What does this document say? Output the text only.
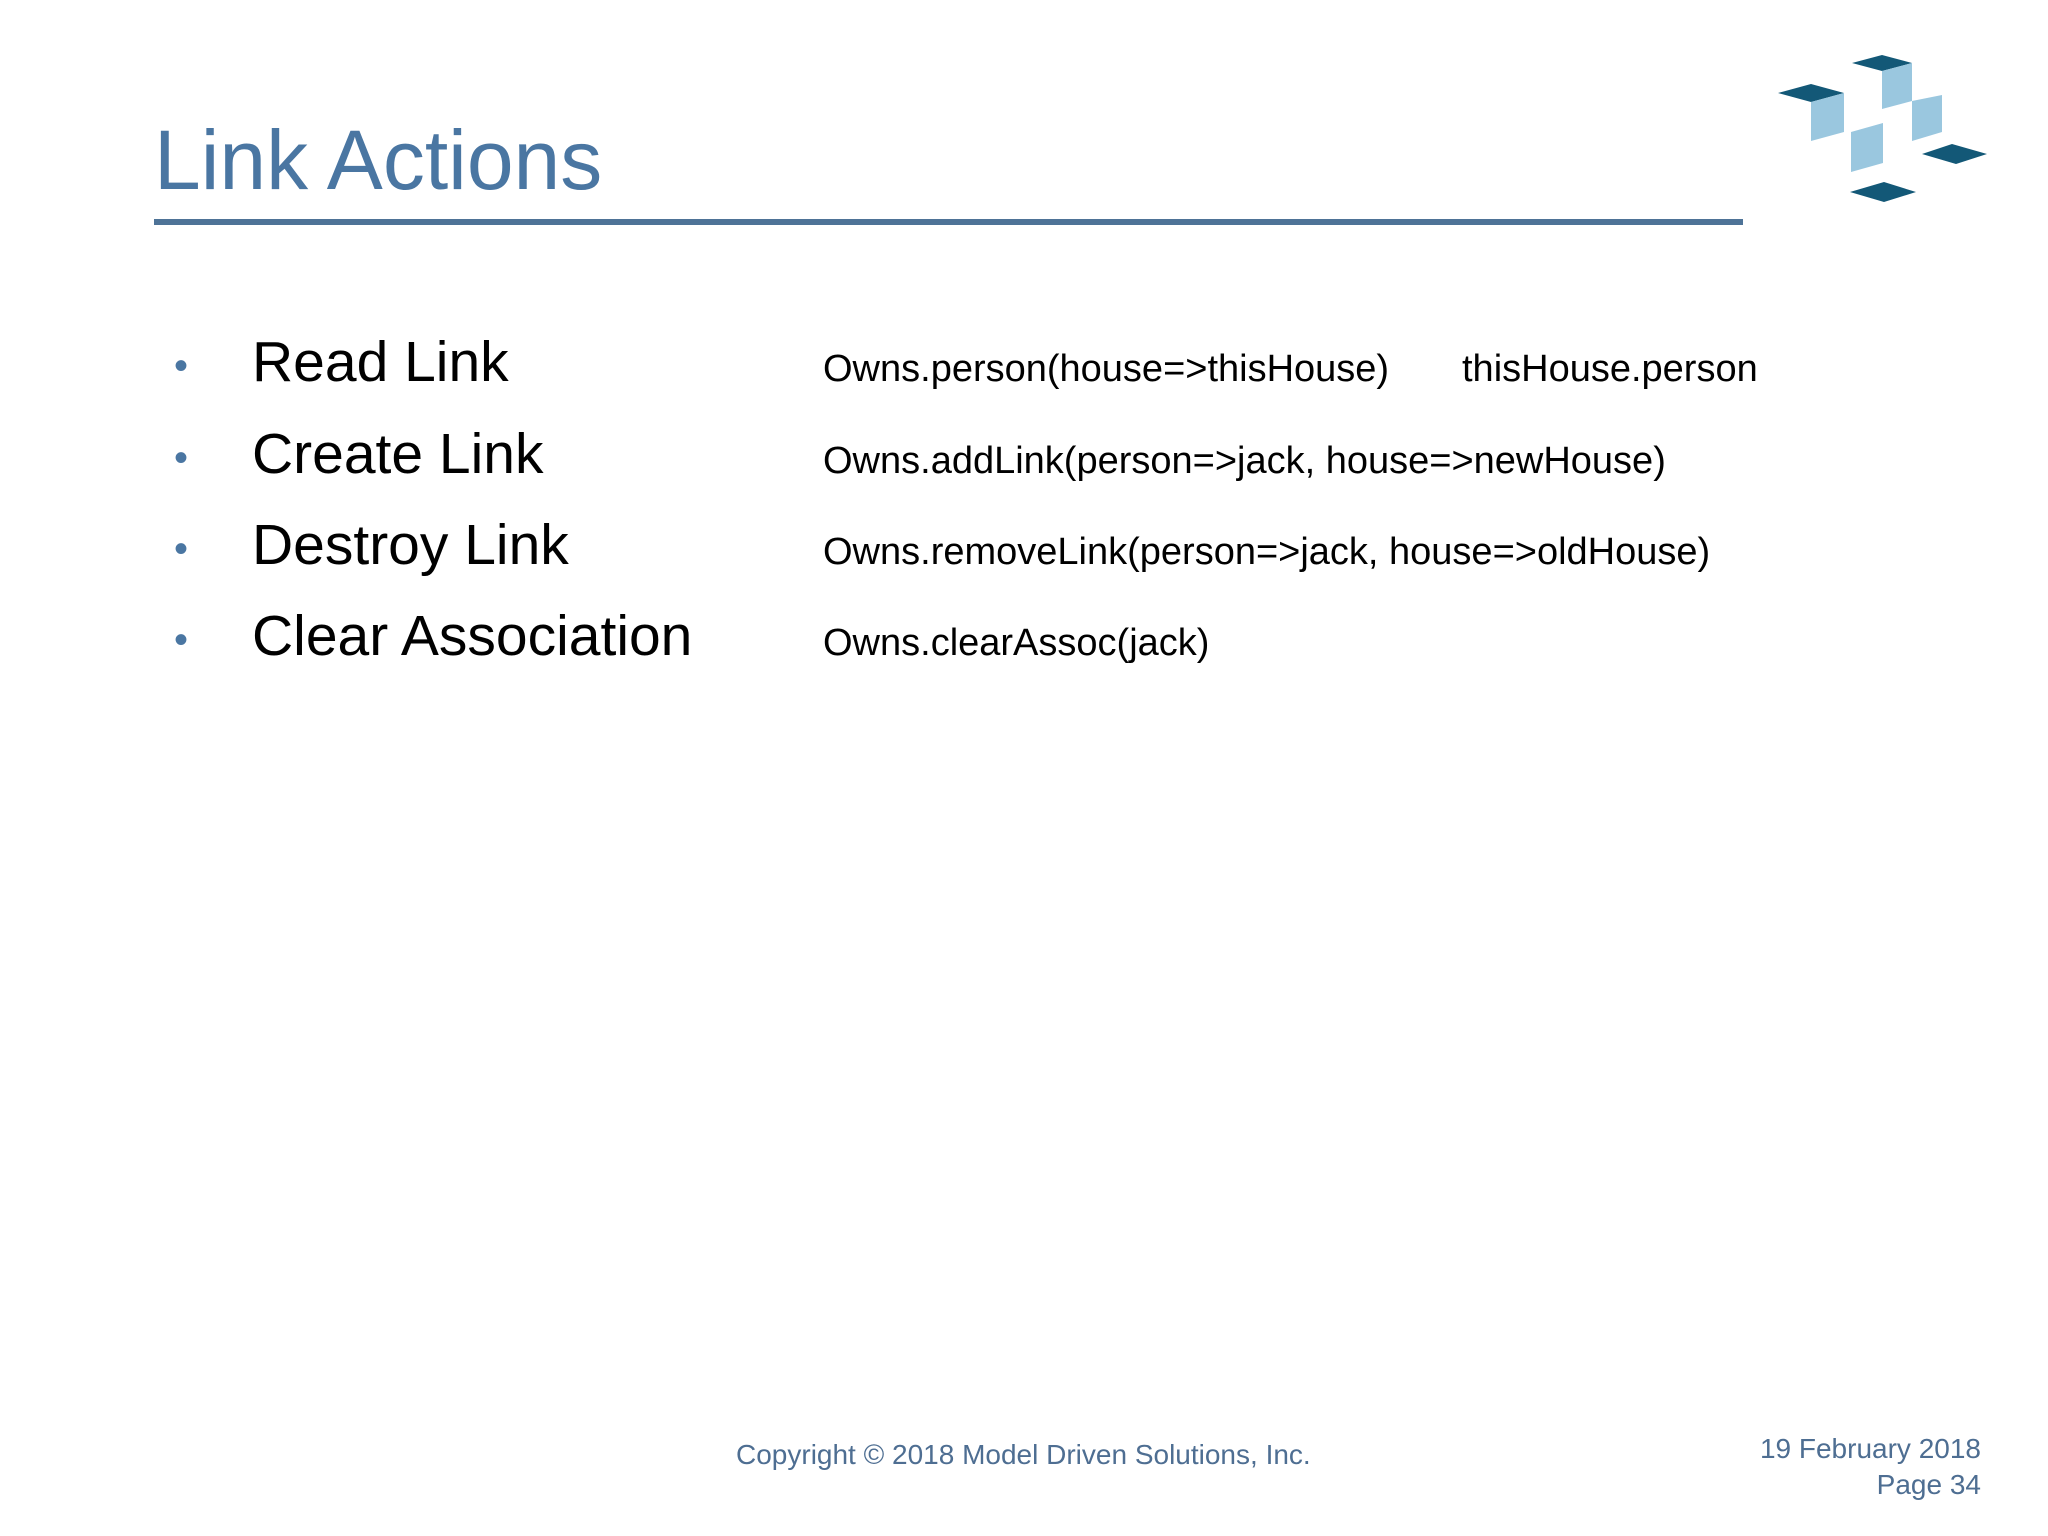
Link Actions
• Read Link	Owns.person(house=>thisHouse) thisHouse.person
• Create Link	Owns.addLink(person=>jack, house=>newHouse)
• Destroy Link	Owns.removeLink(person=>jack, house=>oldHouse)
• Clear Association	Owns.clearAssoc(jack)
Copyright © 2018 Model Driven Solutions, Inc.	19 February 2018
Page 34
